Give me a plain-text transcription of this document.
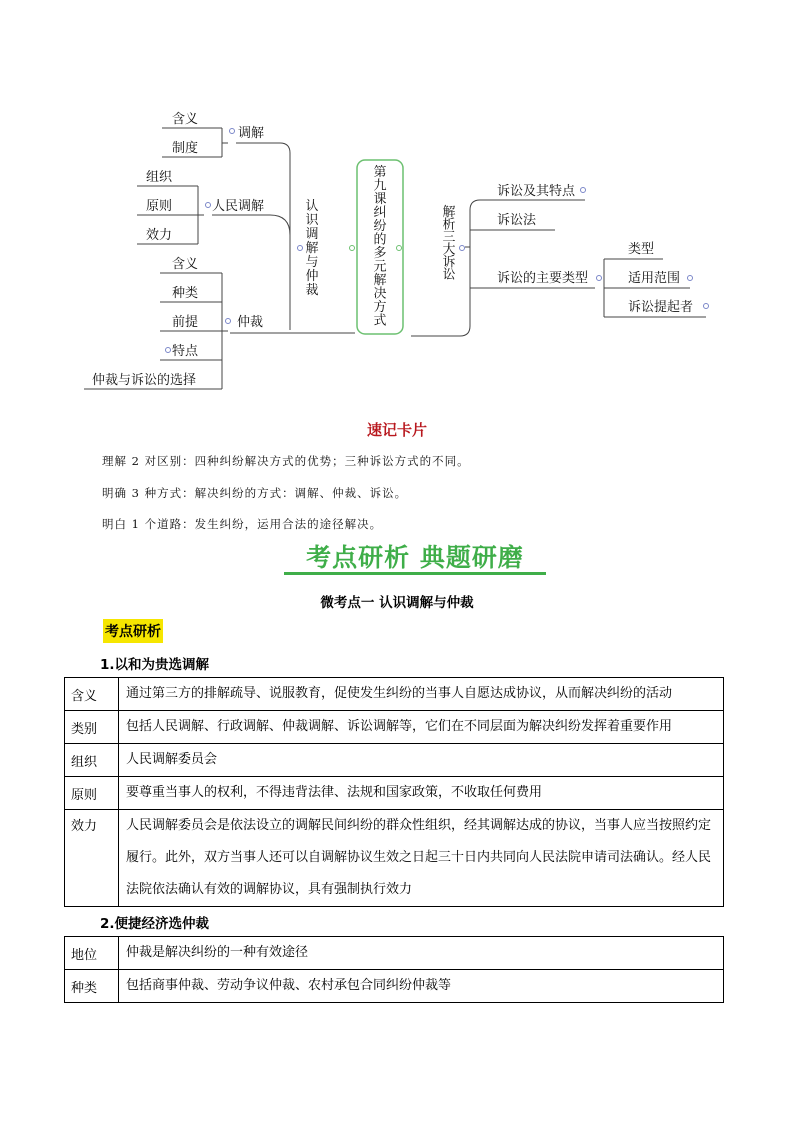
含义
制度
调解
组织
原则
效力
人民调解
含义
种类
前提
特点
仲裁与诉讼的选择
仲裁
认
识
调
解
与
仲
裁
第
九
课
纠
纷
的
多
元
解
决
方
式
解
析
三
大
诉
讼
诉讼及其特点
诉讼法
诉讼的主要类型
类型
适用范围
诉讼提起者
速记卡片
理解 2 对区别：四种纠纷解决方式的优势；三种诉讼方式的不同。
明确 3 种方式：解决纠纷的方式：调解、仲裁、诉讼。
明白 1 个道路：发生纠纷，运用合法的途径解决。
考点研析 典题研磨
微考点一 认识调解与仲裁
考点研析
1.以和为贵选调解
含义	通过第三方的排解疏导、说服教育，促使发生纠纷的当事人自愿达成协议，从而解决纠纷的活动
类别	包括人民调解、行政调解、仲裁调解、诉讼调解等，它们在不同层面为解决纠纷发挥着重要作用
组织	人民调解委员会
原则	要尊重当事人的权利，不得违背法律、法规和国家政策，不收取任何费用
效力	人民调解委员会是依法设立的调解民间纠纷的群众性组织，经其调解达成的协议，当事人应当按照约定履行。此外，双方当事人还可以自调解协议生效之日起三十日内共同向人民法院申请司法确认。经人民法院依法确认有效的调解协议，具有强制执行效力
2.便捷经济选仲裁
地位	仲裁是解决纠纷的一种有效途径
种类	包括商事仲裁、劳动争议仲裁、农村承包合同纠纷仲裁等
